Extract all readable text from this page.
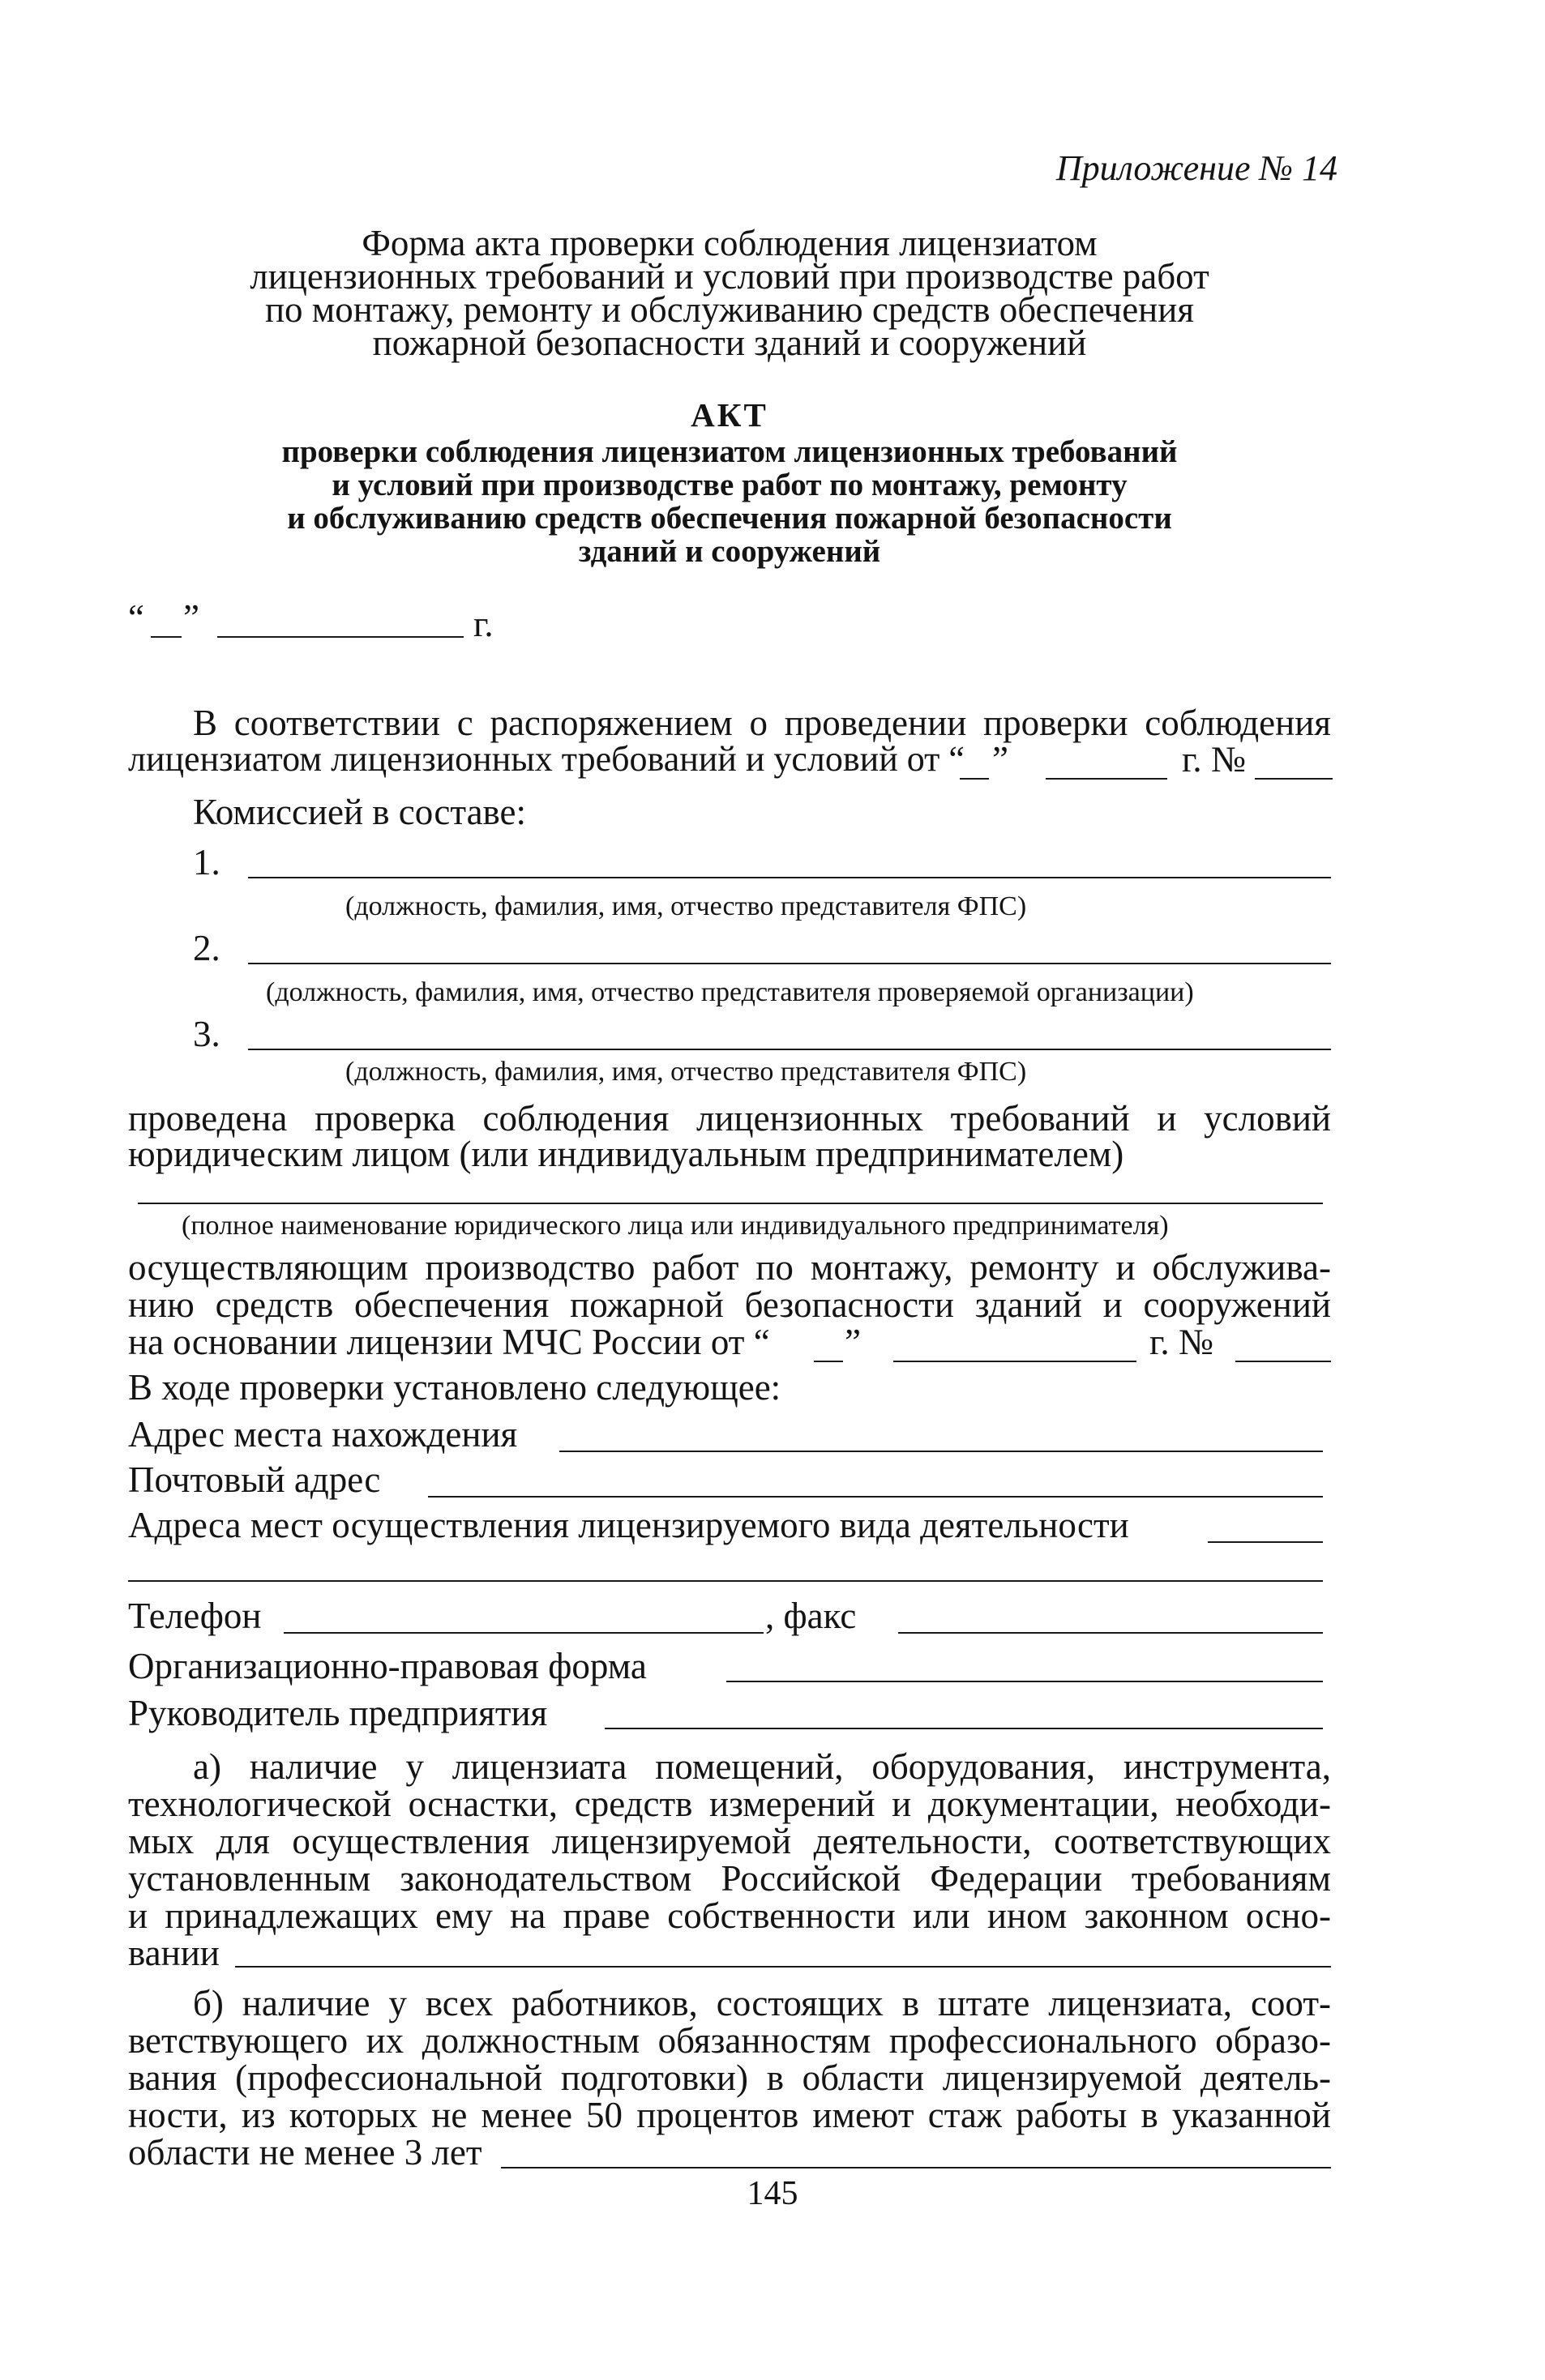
Приложение № 14
Форма акта проверки соблюдения лицензиатом
лицензионных требований и условий при производстве работ
по монтажу, ремонту и обслуживанию средств обеспечения
пожарной безопасности зданий и сооружений
АКТ
проверки соблюдения лицензиатом лицензионных требований
и условий при производстве работ по монтажу, ремонту
и обслуживанию средств обеспечения пожарной безопасности
зданий и сооружений
“ ”	г.
В соответствии с распоряжением о проведении проверки соблюдения
лицензиатом лицензионных требований и условий от “ ”	г. №
Комиссией в составе:
1.
(должность, фамилия, имя, отчество представителя ФПС)
2.
(должность, фамилия, имя, отчество представителя проверяемой организации)
3.
(должность, фамилия, имя, отчество представителя ФПС)
проведена проверка соблюдения лицензионных требований и условий
юридическим лицом (или индивидуальным предпринимателем)
(полное наименование юридического лица или индивидуального предпринимателя)
осуществляющим производство работ по монтажу, ремонту и обслужива-
нию средств обеспечения пожарной безопасности зданий и сооружений
на основании лицензии МЧС России от “ ”	г. №
В ходе проверки установлено следующее:
Адрес места нахождения
Почтовый адрес
Адреса мест осуществления лицензируемого вида деятельности
Телефон	, факс
Организационно-правовая форма
Руководитель предприятия
а) наличие у лицензиата помещений, оборудования, инструмента,
технологической оснастки, средств измерений и документации, необходи-
мых для осуществления лицензируемой деятельности, соответствующих
установленным законодательством Российской Федерации требованиям
и принадлежащих ему на праве собственности или ином законном осно-
вании
б) наличие у всех работников, состоящих в штате лицензиата, соот-
ветствующего их должностным обязанностям профессионального образо-
вания (профессиональной подготовки) в области лицензируемой деятель-
ности, из которых не менее 50 процентов имеют стаж работы в указанной
области не менее 3 лет
145
